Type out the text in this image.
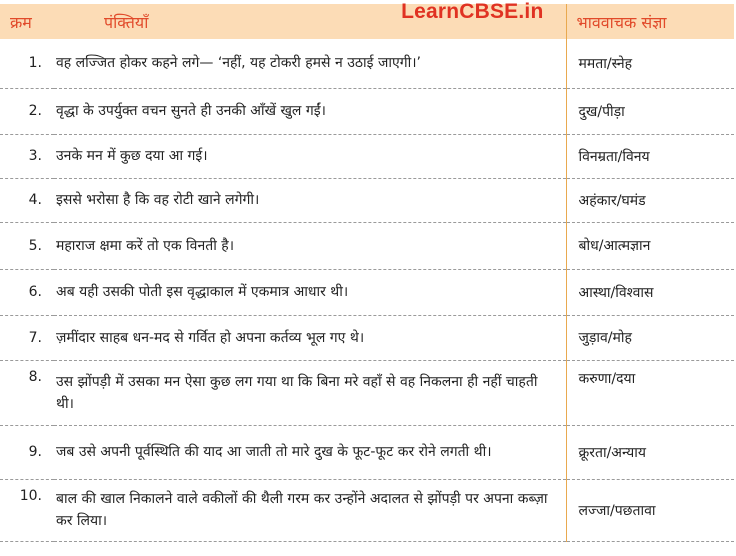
क्रम	पंक्तियाँ LearnCBSE.in	भाववाचक संज्ञा
1.	वह लज्जित होकर कहने लगे— ‘नहीं, यह टोकरी हमसे न उठाई जाएगी।’	ममता/स्नेह
2.	वृद्धा के उपर्युक्त वचन सुनते ही उनकी आँखें खुल गईं।	दुख/पीड़ा
3.	उनके मन में कुछ दया आ गई।	विनम्रता/विनय
4.	इससे भरोसा है कि वह रोटी खाने लगेगी।	अहंकार/घमंड
5.	महाराज क्षमा करें तो एक विनती है।	बोध/आत्मज्ञान
6.	अब यही उसकी पोती इस वृद्धाकाल में एकमात्र आधार थी।	आस्था/विश्वास
7.	ज़मींदार साहब धन-मद से गर्वित हो अपना कर्तव्य भूल गए थे।	जुड़ाव/मोह
8.	उस झोंपड़ी में उसका मन ऐसा कुछ लग गया था कि बिना मरे वहाँ से वह निकलना ही नहीं चाहती थी।	करुणा/दया
9.	जब उसे अपनी पूर्वस्थिति की याद आ जाती तो मारे दुख के फूट-फूट कर रोने लगती थी।	क्रूरता/अन्याय
10.	बाल की खाल निकालने वाले वकीलों की थैली गरम कर उन्होंने अदालत से झोंपड़ी पर अपना कब्ज़ा कर लिया।	लज्जा/पछतावा
